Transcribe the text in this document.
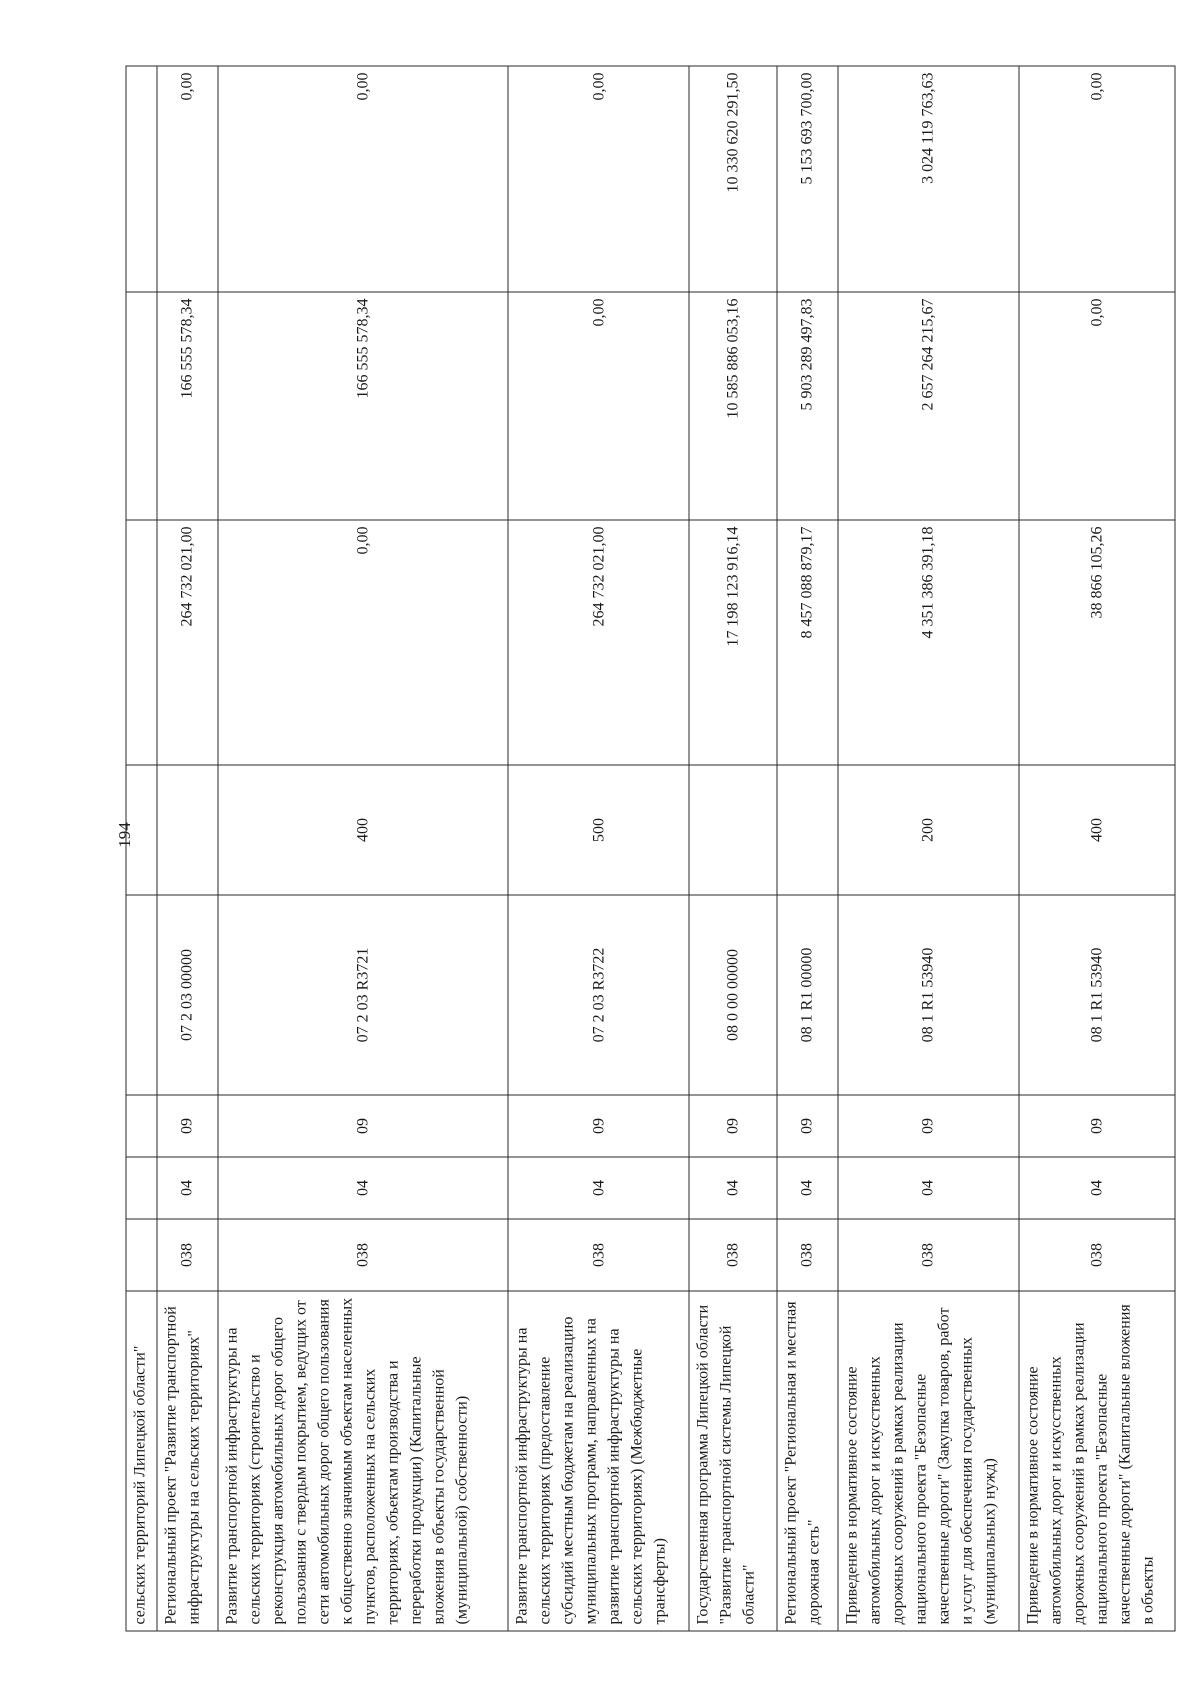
194
сельских территорий Липецкой области"								
Региональный проект "Развитие транспортной инфраструктуры на сельских территориях"	038	04	09	07 2 03 00000		264 732 021,00	166 555 578,34	0,00
Развитие транспортной инфраструктуры на сельских территориях (строительство и реконструкция автомобильных дорог общего пользования с твердым покрытием, ведущих от сети автомобильных дорог общего пользования к общественно значимым объектам населенных пунктов, расположенных на сельских территориях, объектам производства и переработки продукции) (Капитальные вложения в объекты государственной (муниципальной) собственности)	038	04	09	07 2 03 R3721	400	0,00	166 555 578,34	0,00
Развитие транспортной инфраструктуры на сельских территориях (предоставление субсидий местным бюджетам на реализацию муниципальных программ, направленных на развитие транспортной инфраструктуры на сельских территориях) (Межбюджетные трансферты)	038	04	09	07 2 03 R3722	500	264 732 021,00	0,00	0,00
Государственная программа Липецкой области "Развитие транспортной системы Липецкой области"	038	04	09	08 0 00 00000		17 198 123 916,14	10 585 886 053,16	10 330 620 291,50
Региональный проект "Региональная и местная дорожная сеть"	038	04	09	08 1 R1 00000		8 457 088 879,17	5 903 289 497,83	5 153 693 700,00
Приведение в нормативное состояние автомобильных дорог и искусственных дорожных сооружений в рамках реализации национального проекта "Безопасные качественные дороги" (Закупка товаров, работ и услуг для обеспечения государственных (муниципальных) нужд)	038	04	09	08 1 R1 53940	200	4 351 386 391,18	2 657 264 215,67	3 024 119 763,63
Приведение в нормативное состояние автомобильных дорог и искусственных дорожных сооружений в рамках реализации национального проекта "Безопасные качественные дороги" (Капитальные вложения в объекты	038	04	09	08 1 R1 53940	400	38 866 105,26	0,00	0,00
